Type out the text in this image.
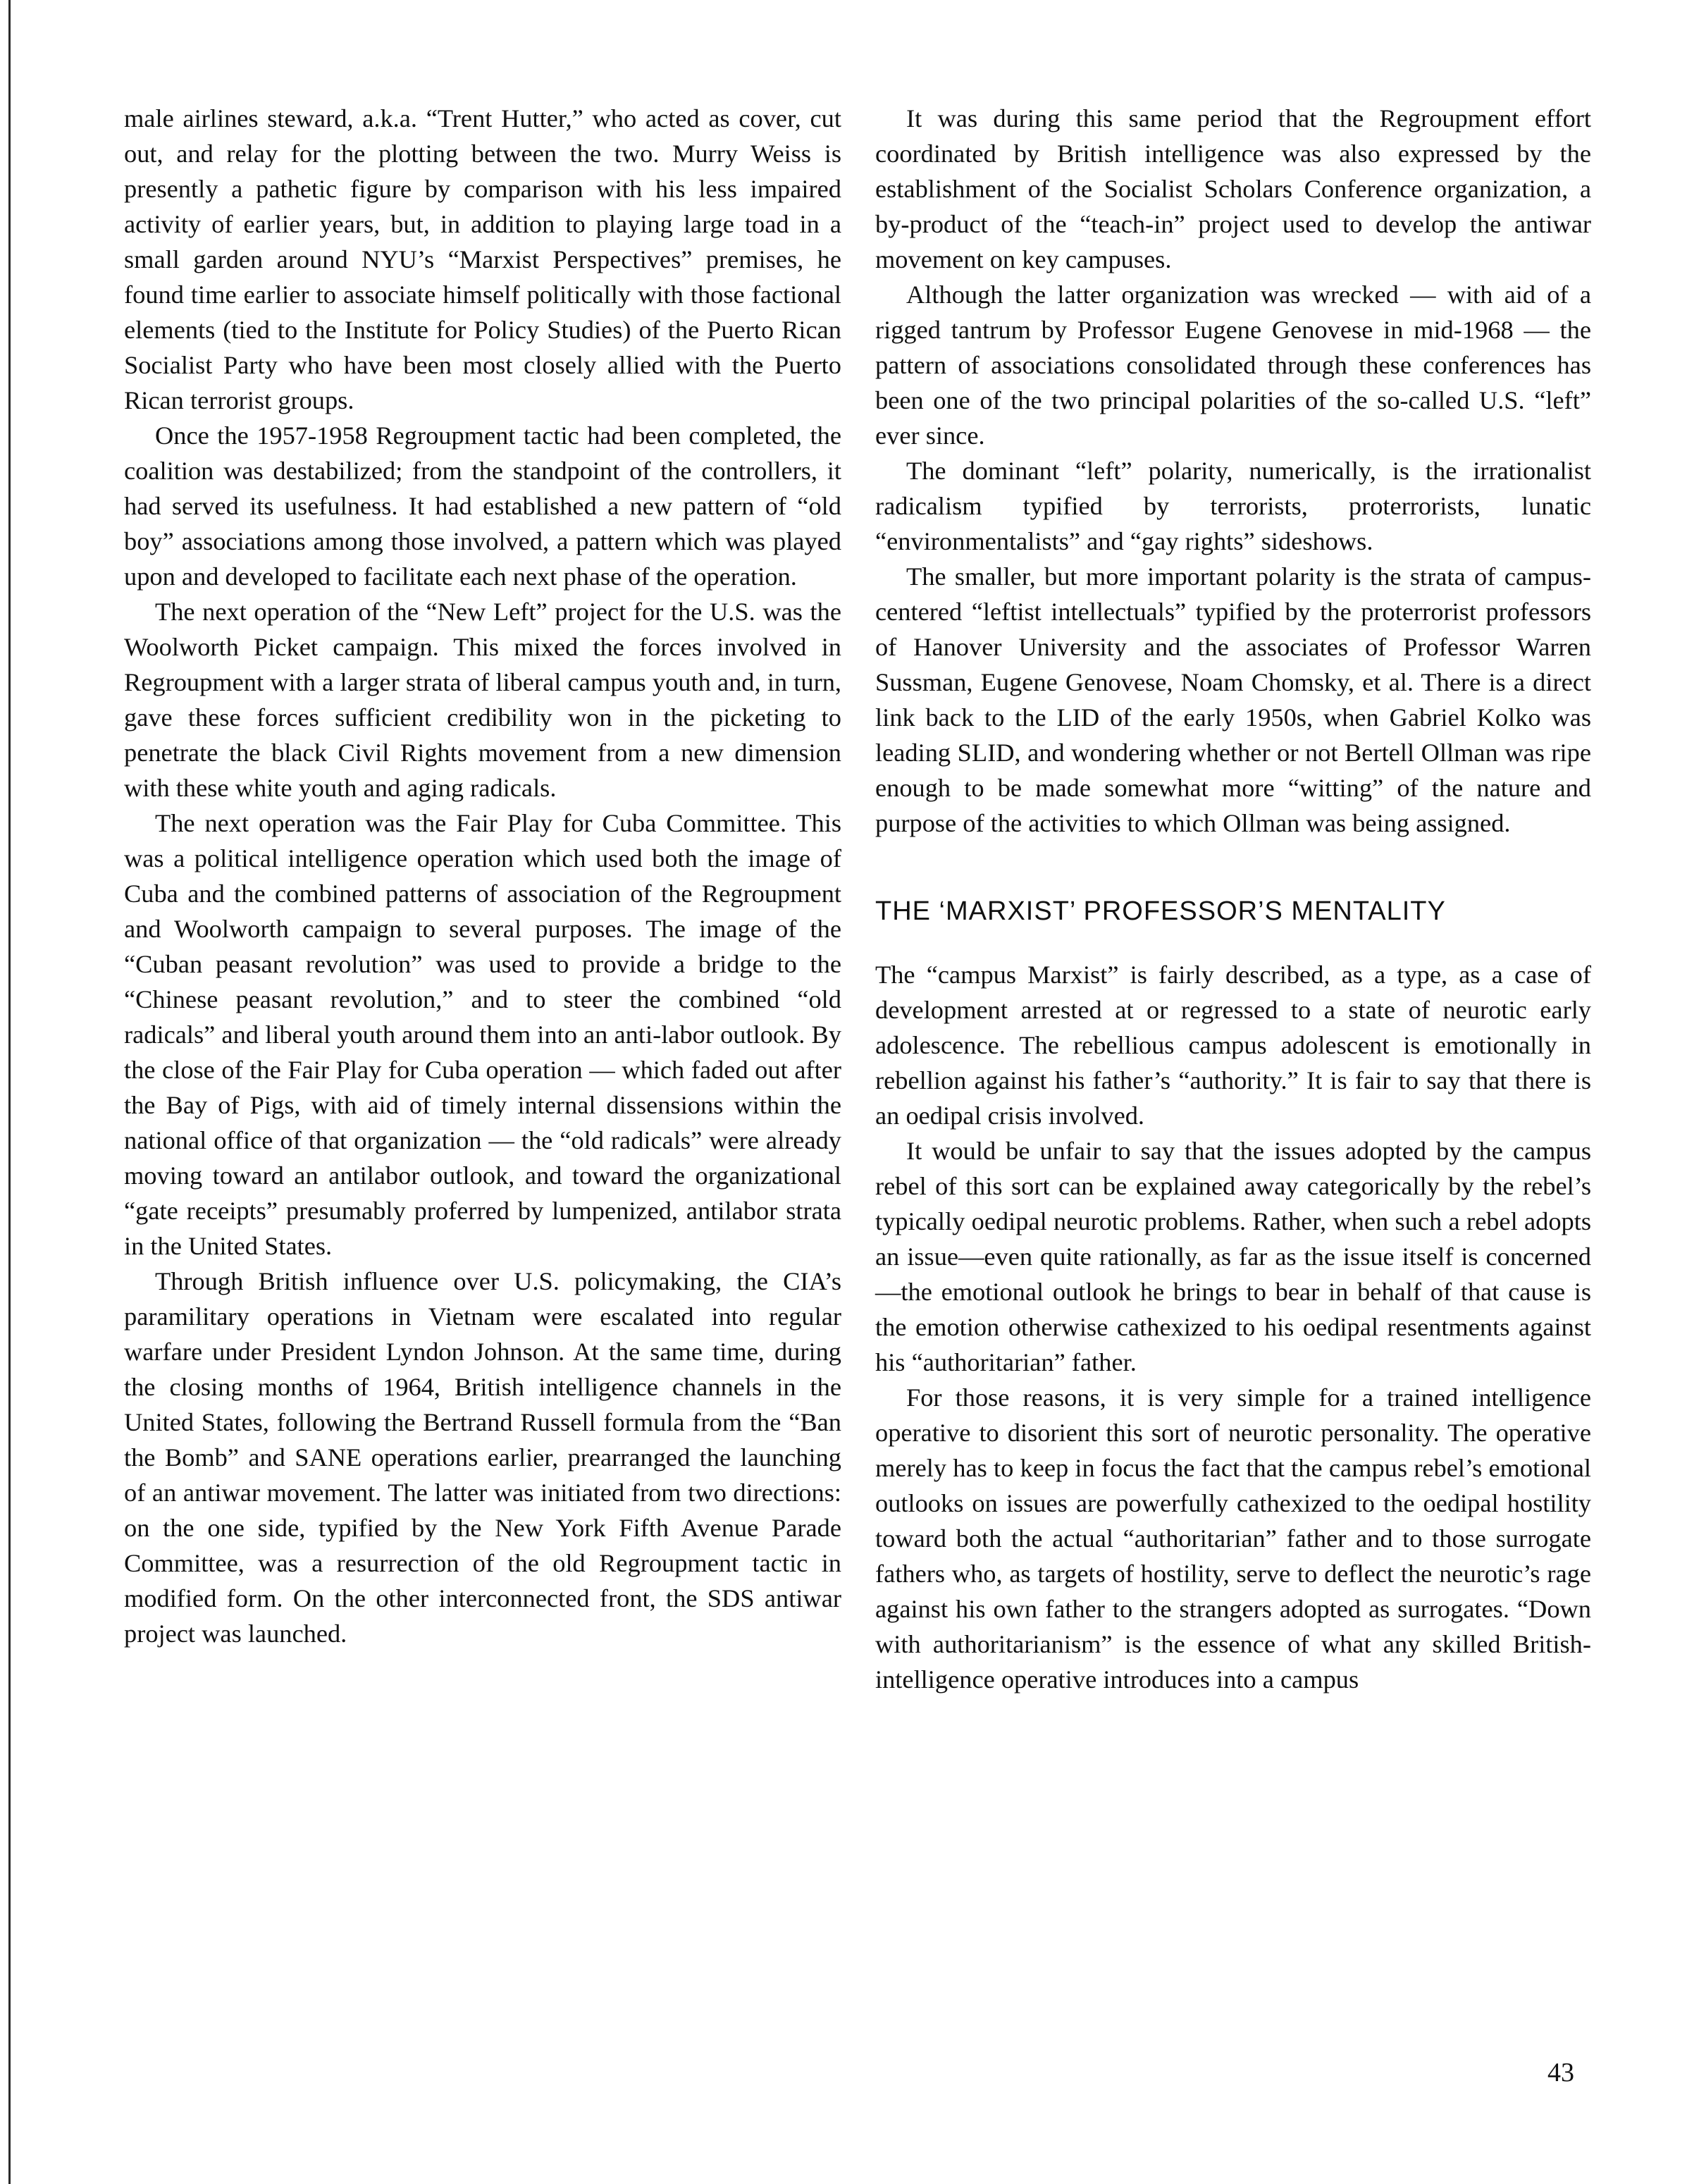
male airlines steward, a.k.a. “Trent Hutter,” who acted as cover, cut out, and relay for the plotting between the two. Murry Weiss is presently a pathetic figure by comparison with his less impaired activity of earlier years, but, in addition to playing large toad in a small garden around NYU’s “Marxist Perspectives” premises, he found time earlier to associate himself politically with those factional elements (tied to the Institute for Policy Studies) of the Puerto Rican Socialist Party who have been most closely allied with the Puerto Rican terrorist groups.

Once the 1957-1958 Regroupment tactic had been completed, the coalition was destabilized; from the standpoint of the controllers, it had served its usefulness. It had established a new pattern of “old boy” associations among those involved, a pattern which was played upon and developed to facilitate each next phase of the operation.

The next operation of the “New Left” project for the U.S. was the Woolworth Picket campaign. This mixed the forces involved in Regroupment with a larger strata of liberal campus youth and, in turn, gave these forces sufficient credibility won in the picketing to penetrate the black Civil Rights movement from a new dimension with these white youth and aging radicals.

The next operation was the Fair Play for Cuba Committee. This was a political intelligence operation which used both the image of Cuba and the combined patterns of association of the Regroupment and Woolworth campaign to several purposes. The image of the “Cuban peasant revolution” was used to provide a bridge to the “Chinese peasant revolution,” and to steer the combined “old radicals” and liberal youth around them into an anti-labor outlook. By the close of the Fair Play for Cuba operation — which faded out after the Bay of Pigs, with aid of timely internal dissensions within the national office of that organization — the “old radicals” were already moving toward an antilabor outlook, and toward the organizational “gate receipts” presumably proferred by lumpenized, antilabor strata in the United States.

Through British influence over U.S. policymaking, the CIA’s paramilitary operations in Vietnam were escalated into regular warfare under President Lyndon Johnson. At the same time, during the closing months of 1964, British intelligence channels in the United States, following the Bertrand Russell formula from the “Ban the Bomb” and SANE operations earlier, prearranged the launching of an antiwar movement. The latter was initiated from two directions: on the one side, typified by the New York Fifth Avenue Parade Committee, was a resurrection of the old Regroupment tactic in modified form. On the other interconnected front, the SDS antiwar project was launched.

It was during this same period that the Regroupment effort coordinated by British intelligence was also expressed by the establishment of the Socialist Scholars Conference organization, a by-product of the “teach-in” project used to develop the antiwar movement on key campuses.

Although the latter organization was wrecked — with aid of a rigged tantrum by Professor Eugene Genovese in mid-1968 — the pattern of associations consolidated through these conferences has been one of the two principal polarities of the so-called U.S. “left” ever since.

The dominant “left” polarity, numerically, is the irrationalist radicalism typified by terrorists, proterrorists, lunatic “environmentalists” and “gay rights” sideshows.

The smaller, but more important polarity is the strata of campus-centered “leftist intellectuals” typified by the proterrorist professors of Hanover University and the associates of Professor Warren Sussman, Eugene Genovese, Noam Chomsky, et al. There is a direct link back to the LID of the early 1950s, when Gabriel Kolko was leading SLID, and wondering whether or not Bertell Ollman was ripe enough to be made somewhat more “witting” of the nature and purpose of the activities to which Ollman was being assigned.

THE ‘MARXIST’ PROFESSOR’S MENTALITY

The “campus Marxist” is fairly described, as a type, as a case of development arrested at or regressed to a state of neurotic early adolescence. The rebellious campus adolescent is emotionally in rebellion against his father’s “authority.” It is fair to say that there is an oedipal crisis involved.

It would be unfair to say that the issues adopted by the campus rebel of this sort can be explained away categorically by the rebel’s typically oedipal neurotic problems. Rather, when such a rebel adopts an issue—even quite rationally, as far as the issue itself is concerned—the emotional outlook he brings to bear in behalf of that cause is the emotion otherwise cathexized to his oedipal resentments against his “authoritarian” father.

For those reasons, it is very simple for a trained intelligence operative to disorient this sort of neurotic personality. The operative merely has to keep in focus the fact that the campus rebel’s emotional outlooks on issues are powerfully cathexized to the oedipal hostility toward both the actual “authoritarian” father and to those surrogate fathers who, as targets of hostility, serve to deflect the neurotic’s rage against his own father to the strangers adopted as surrogates. “Down with authoritarianism” is the essence of what any skilled British-intelligence operative introduces into a campus

43
